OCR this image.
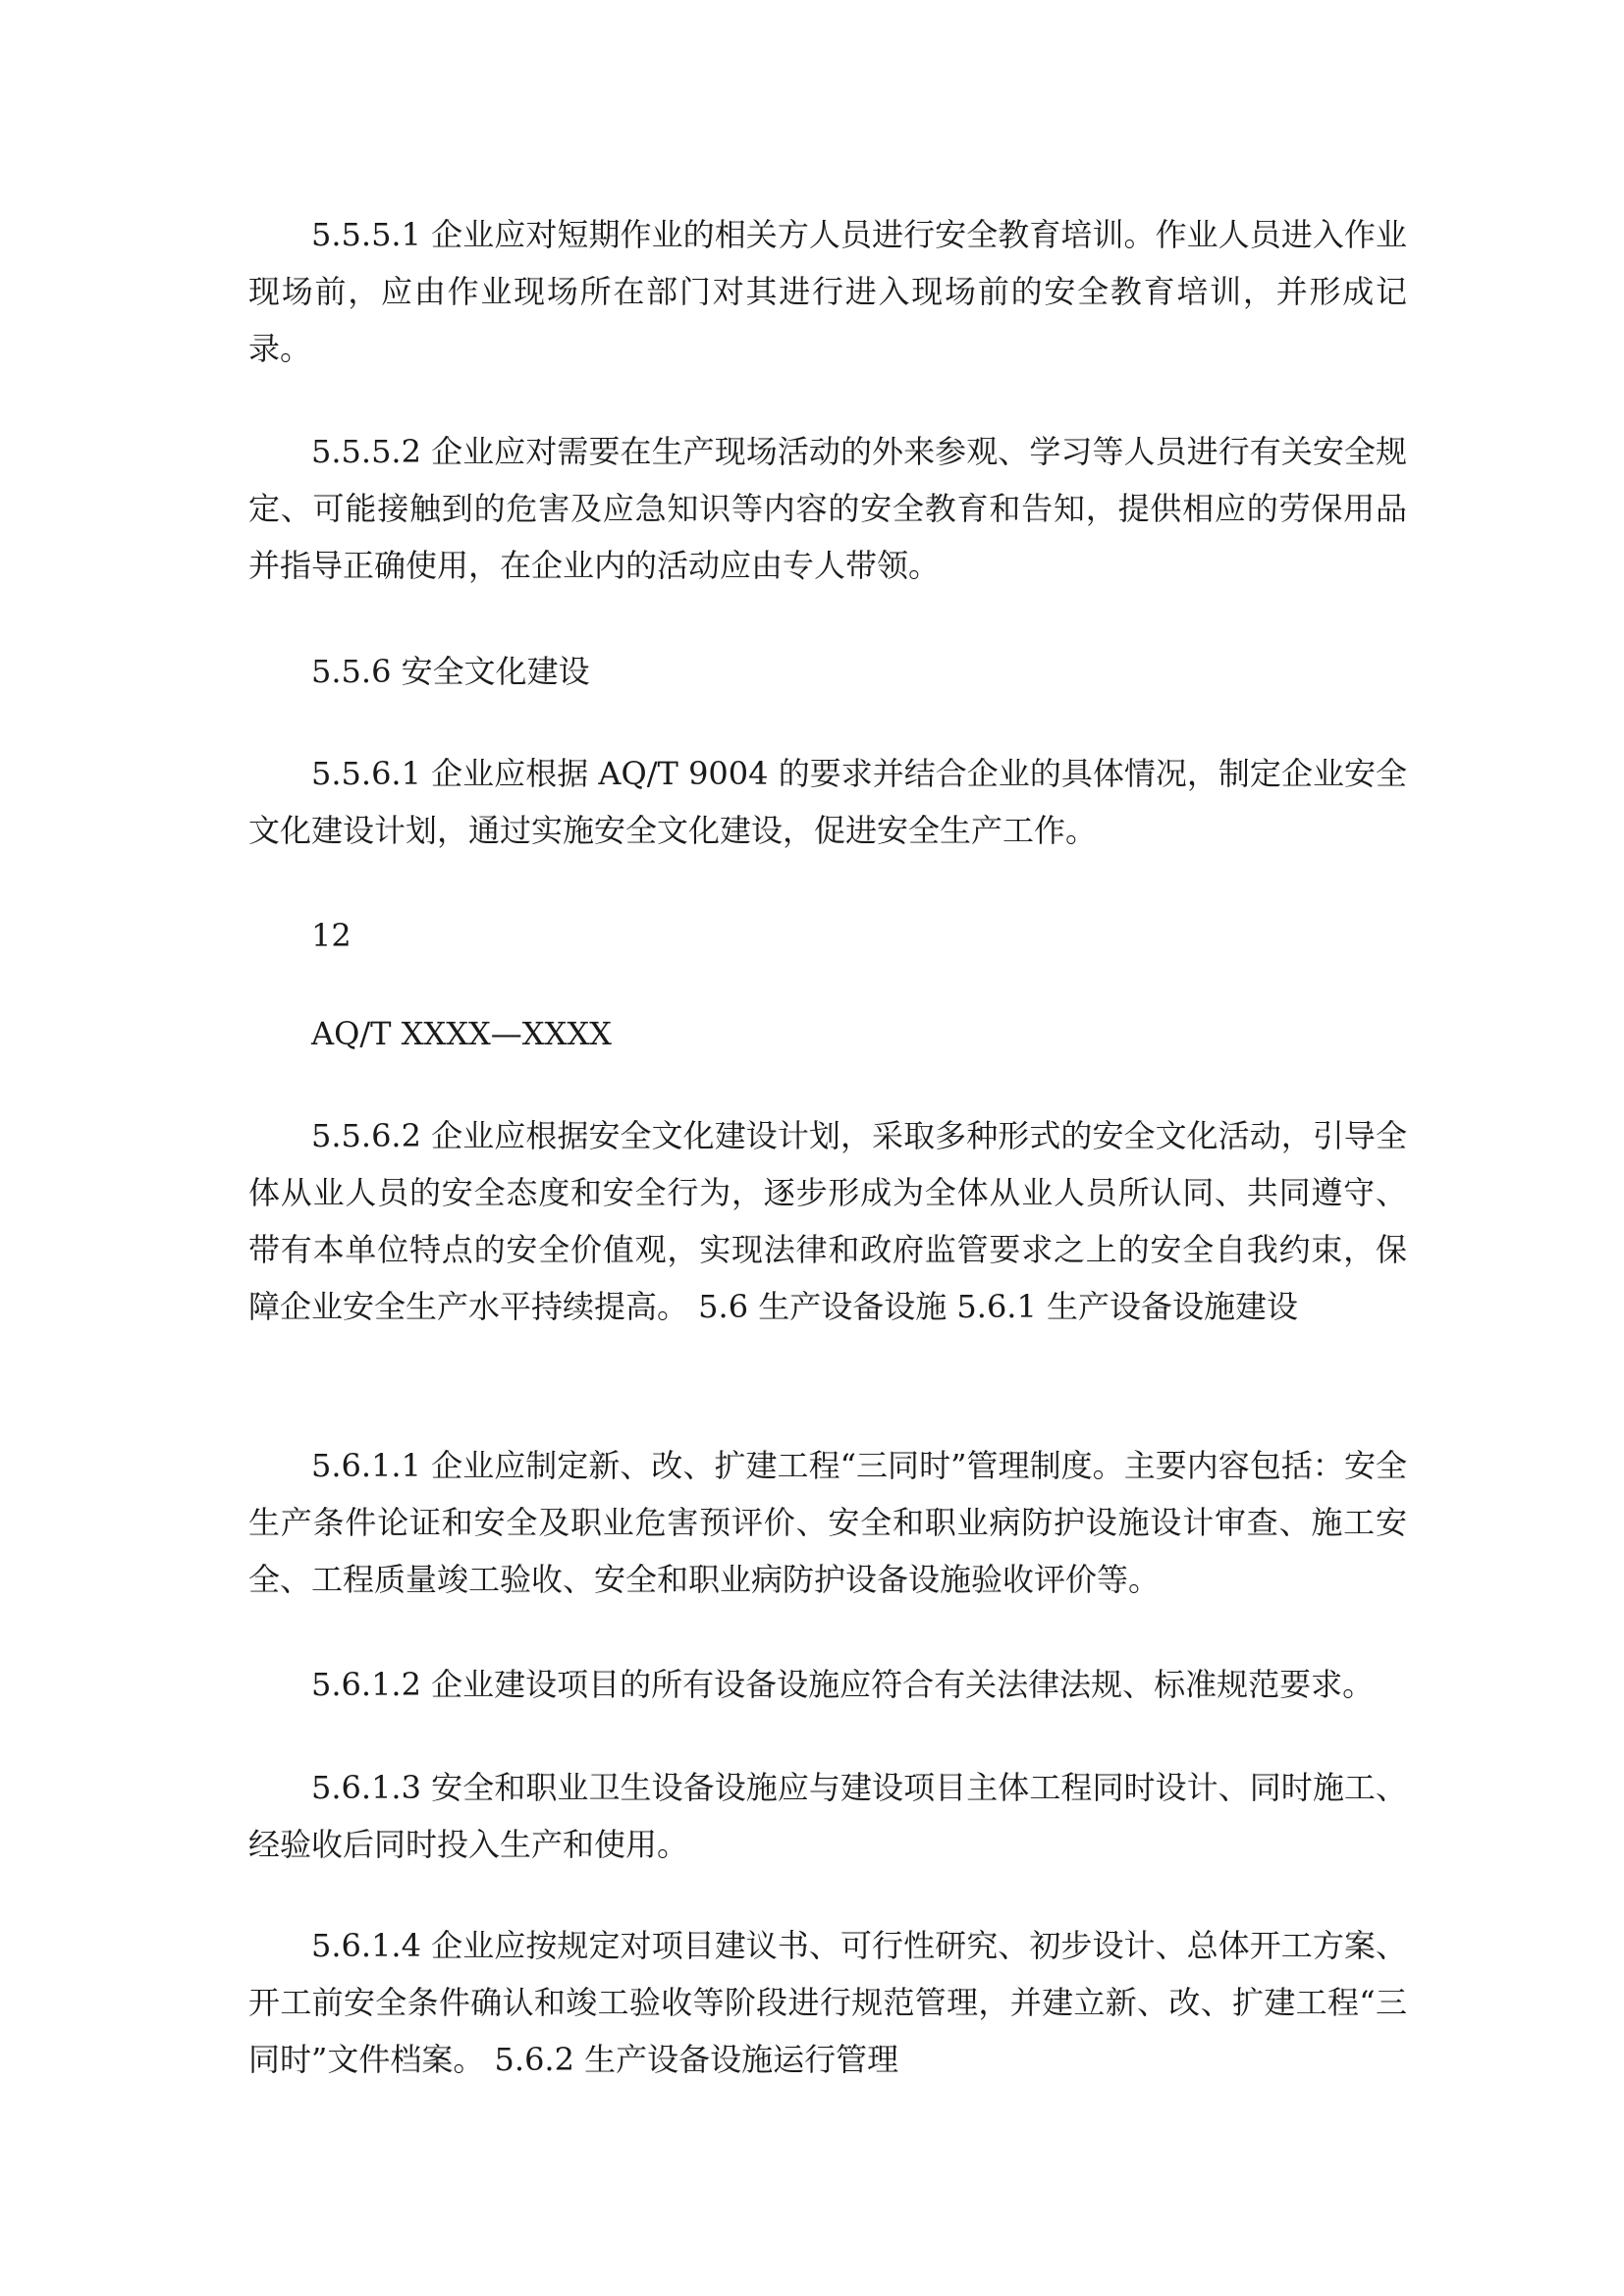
5.5.5.1 企业应对短期作业的相关方人员进行安全教育培训。作业人员进入作业现场前，应由作业现场所在部门对其进行进入现场前的安全教育培训，并形成记录。

5.5.5.2 企业应对需要在生产现场活动的外来参观、学习等人员进行有关安全规定、可能接触到的危害及应急知识等内容的安全教育和告知，提供相应的劳保用品并指导正确使用，在企业内的活动应由专人带领。

5.5.6 安全文化建设

5.5.6.1 企业应根据 AQ/T 9004 的要求并结合企业的具体情况，制定企业安全文化建设计划，通过实施安全文化建设，促进安全生产工作。

12

AQ/T XXXX—XXXX

5.5.6.2 企业应根据安全文化建设计划，采取多种形式的安全文化活动，引导全体从业人员的安全态度和安全行为，逐步形成为全体从业人员所认同、共同遵守、带有本单位特点的安全价值观，实现法律和政府监管要求之上的安全自我约束，保障企业安全生产水平持续提高。 5.6 生产设备设施 5.6.1 生产设备设施建设

5.6.1.1 企业应制定新、改、扩建工程“三同时”管理制度。主要内容包括：安全生产条件论证和安全及职业危害预评价、安全和职业病防护设施设计审查、施工安全、工程质量竣工验收、安全和职业病防护设备设施验收评价等。

5.6.1.2 企业建设项目的所有设备设施应符合有关法律法规、标准规范要求。

5.6.1.3 安全和职业卫生设备设施应与建设项目主体工程同时设计、同时施工、经验收后同时投入生产和使用。

5.6.1.4 企业应按规定对项目建议书、可行性研究、初步设计、总体开工方案、开工前安全条件确认和竣工验收等阶段进行规范管理，并建立新、改、扩建工程“三同时”文件档案。 5.6.2 生产设备设施运行管理
